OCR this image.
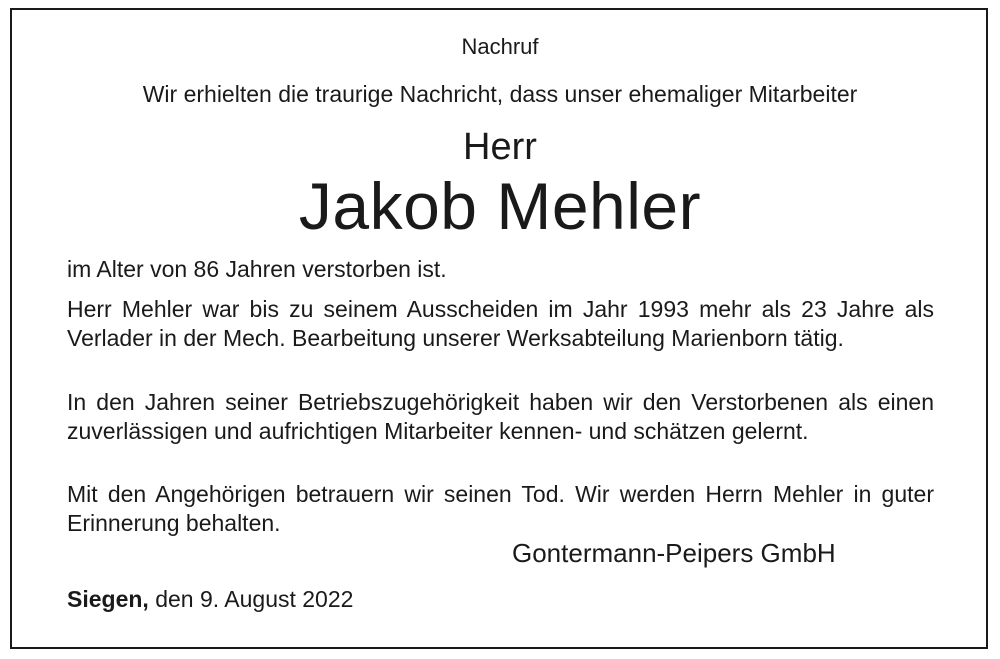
Nachruf
Wir erhielten die traurige Nachricht, dass unser ehemaliger Mitarbeiter
Herr
Jakob Mehler
im Alter von 86 Jahren verstorben ist.

Herr Mehler war bis zu seinem Ausscheiden im Jahr 1993 mehr als 23 Jahre als Verlader in der Mech. Bearbeitung unserer Werksabteilung Marienborn tätig.

In den Jahren seiner Betriebszugehörigkeit haben wir den Verstorbenen als einen zuverlässigen und aufrichtigen Mitarbeiter kennen- und schätzen gelernt.

Mit den Angehörigen betrauern wir seinen Tod. Wir werden Herrn Mehler in guter Erinnerung behalten.

Gontermann-Peipers GmbH
Siegen, den 9. August 2022
